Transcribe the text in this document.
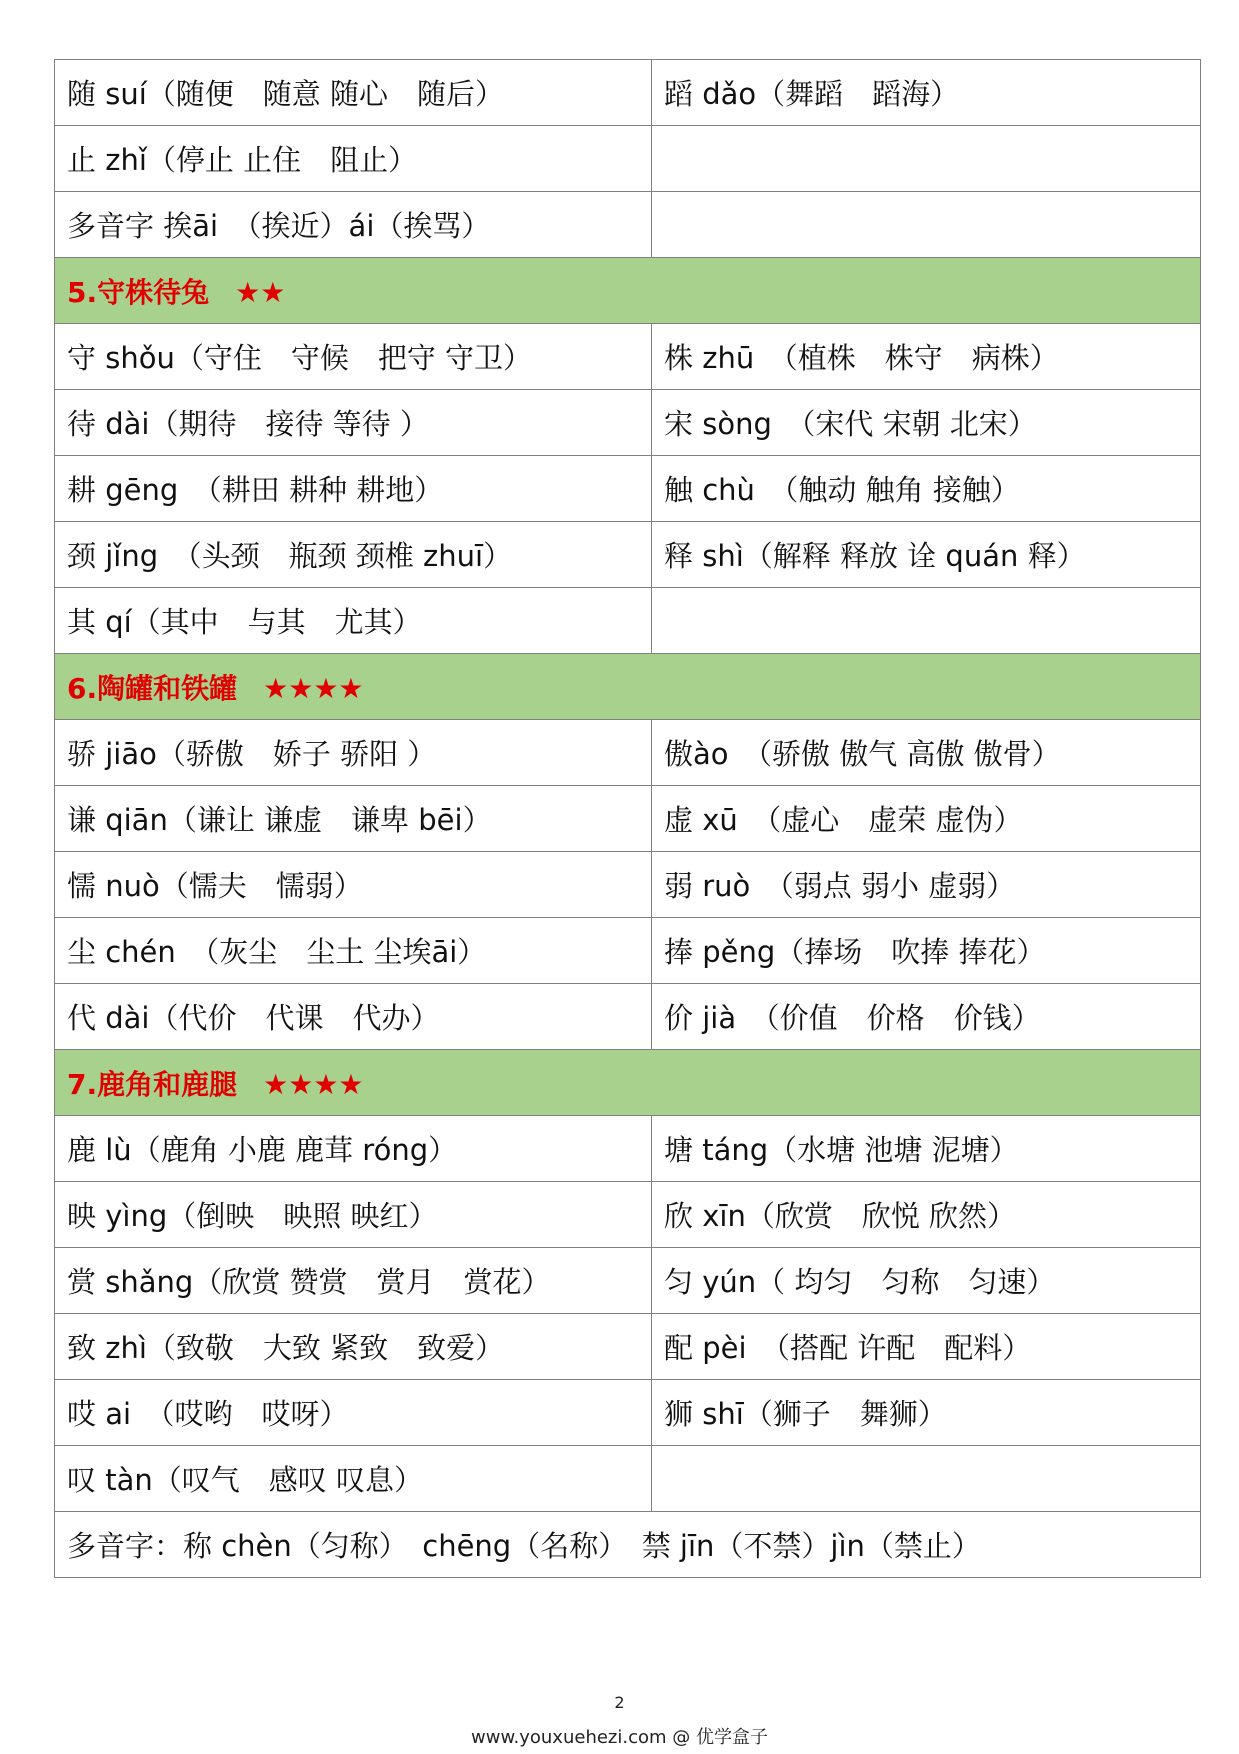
随 suí（随便　随意 随心　随后）	蹈 dǎo（舞蹈　蹈海）
止 zhǐ（停止 止住　阻止）	
多音字 挨āi　（挨近）ái（挨骂）	
5.守株待兔 ★★	
守 shǒu（守住　守候　把守 守卫）	株 zhū　（植株　株守　病株）
待 dài（期待　接待 等待 ）	宋 sòng　（宋代 宋朝 北宋）
耕 gēng　（耕田 耕种 耕地）	触 chù　（触动 触角 接触）
颈 jǐng　（头颈　瓶颈 颈椎 zhuī）	释 shì（解释 释放 诠 quán 释）
其 qí（其中　与其　尤其）	
6.陶罐和铁罐 ★★★★	
骄 jiāo（骄傲　娇子 骄阳 ）	傲ào　（骄傲 傲气 高傲 傲骨）
谦 qiān（谦让 谦虚　谦卑 bēi）	虚 xū　（虚心　虚荣 虚伪）
懦 nuò（懦夫　懦弱）	弱 ruò　（弱点 弱小 虚弱）
尘 chén　（灰尘　尘土 尘埃āi）	捧 pěng（捧场　吹捧 捧花）
代 dài（代价　代课　代办）	价 jià　（价值　价格　价钱）
7.鹿角和鹿腿 ★★★★	
鹿 lù（鹿角 小鹿 鹿茸 róng）	塘 táng（水塘 池塘 泥塘）
映 yìng（倒映　映照 映红）	欣 xīn（欣赏　欣悦 欣然）
赏 shǎng（欣赏 赞赏　赏月　赏花）	匀 yún（ 均匀　匀称　匀速）
致 zhì（致敬　大致 紧致　致爱）	配 pèi　（搭配 许配　配料）
哎 ai　（哎哟　哎呀）	狮 shī（狮子　舞狮）
叹 tàn（叹气　感叹 叹息）	
多音字：称 chèn（匀称）　chēng（名称）　禁 jīn（不禁）jìn（禁止）	
2
www.youxuehezi.com @ 优学盒子
